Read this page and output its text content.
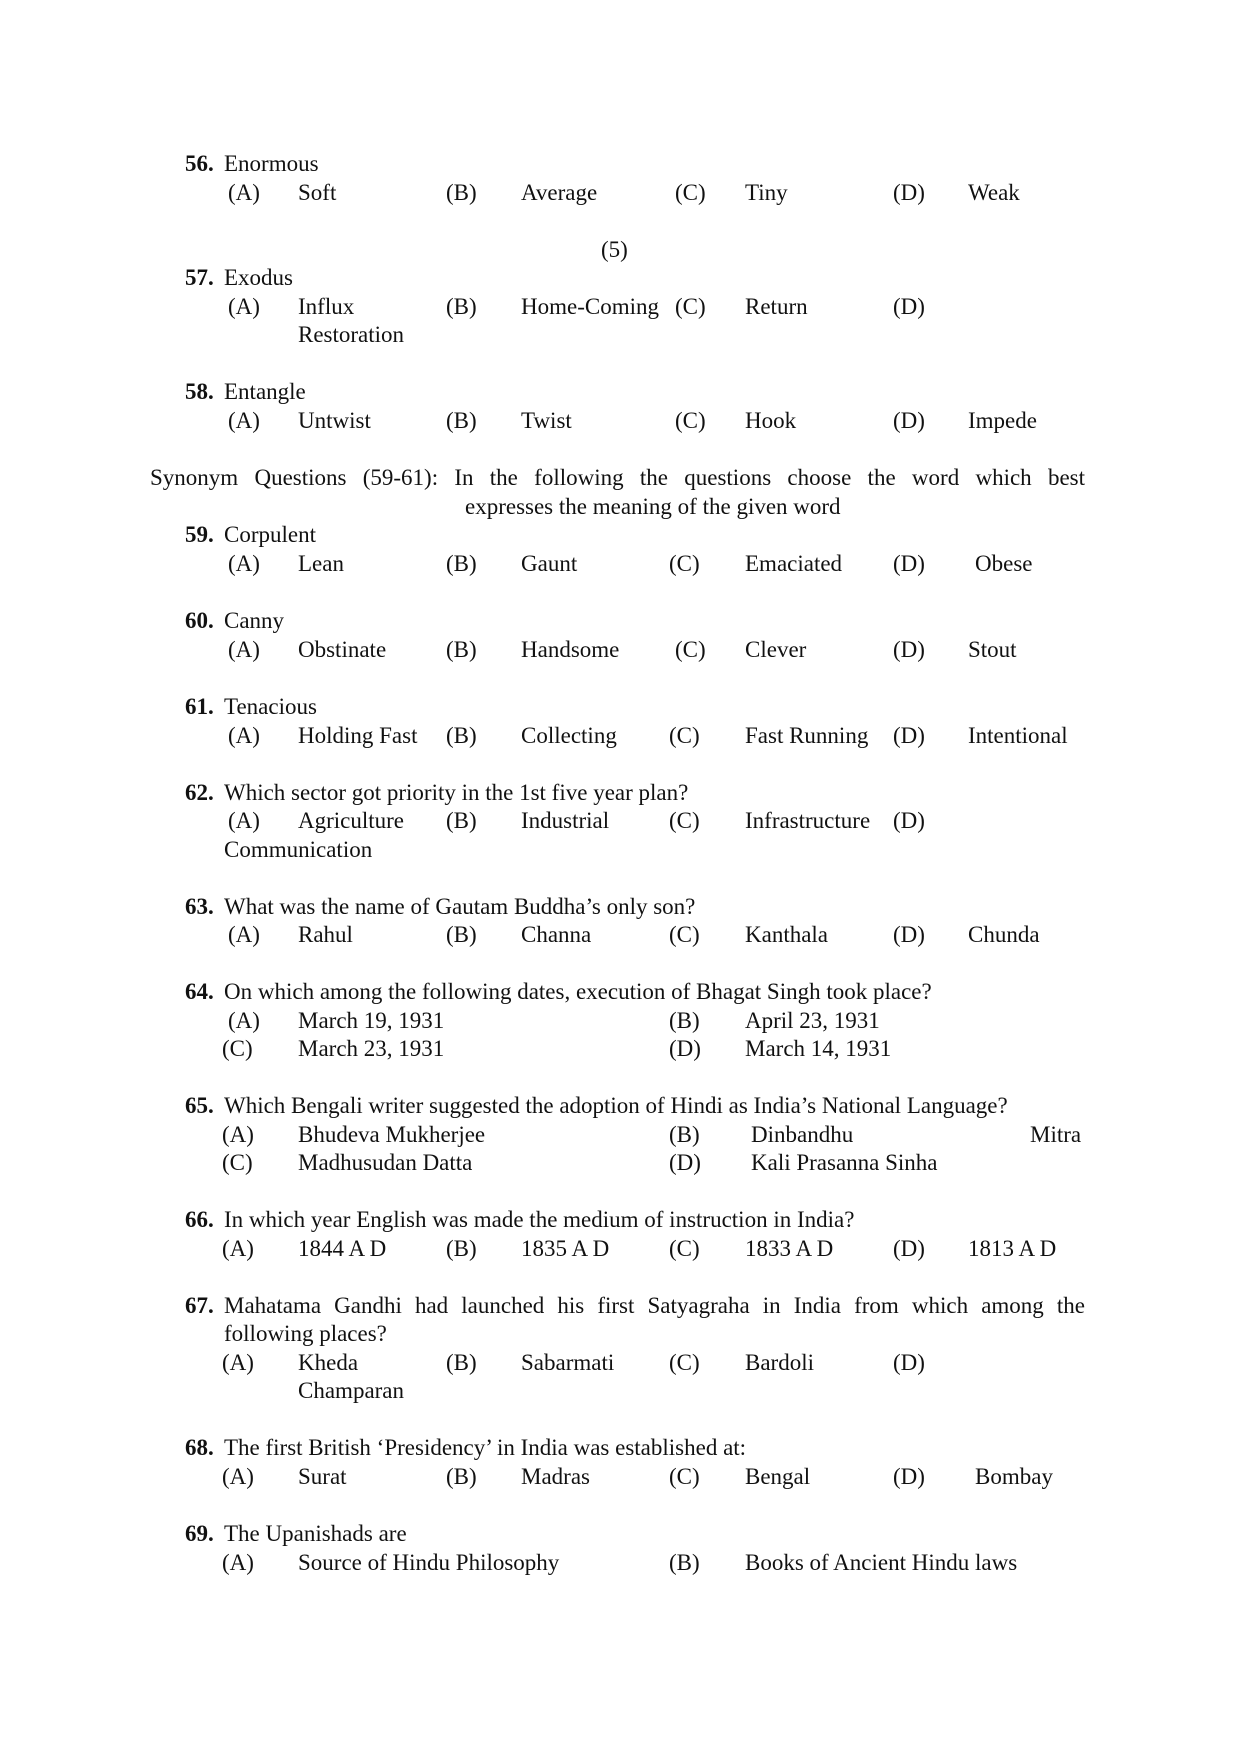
56. Enormous
(A) Soft	(B) Average	(C) Tiny	(D) Weak
(5)
57. Exodus
(A) Influx	(B) Home-Coming (C) Return	(D)
Restoration
58. Entangle
(A) Untwist	(B) Twist	(C) Hook	(D) Impede
Synonym Questions (59-61): In the following the questions choose the word which best
expresses the meaning of the given word
59. Corpulent
(A) Lean	(B) Gaunt	(C) Emaciated (D) Obese
60. Canny
(A) Obstinate	(B) Handsome (C) Clever	(D) Stout
61. Tenacious
(A) Holding Fast (B) Collecting (C) Fast Running (D) Intentional
62. Which sector got priority in the 1st five year plan?
(A) Agriculture (B) Industrial	(C) Infrastructure (D)
Communication
63. What was the name of Gautam Buddha’s only son?
(A) Rahul	(B) Channa	(C) Kanthala	(D) Chunda
64. On which among the following dates, execution of Bhagat Singh took place?
(A) March 19, 1931	(B) April 23, 1931
(C) March 23, 1931	(D) March 14, 1931
65. Which Bengali writer suggested the adoption of Hindi as India’s National Language?
(A) Bhudeva Mukherjee	(B) Dinbandhu	Mitra
(C) Madhusudan Datta	(D) Kali Prasanna Sinha
66. In which year English was made the medium of instruction in India?
(A) 1844 A D	(B) 1835 A D	(C) 1833 A D	(D) 1813 A D
67. Mahatama Gandhi had launched his first Satyagraha in India from which among the
following places?
(A) Kheda	(B) Sabarmati (C) Bardoli	(D)
Champaran
68. The first British ‘Presidency’ in India was established at:
(A) Surat	(B) Madras	(C) Bengal	(D) Bombay
69. The Upanishads are
(A) Source of Hindu Philosophy	(B) Books of Ancient Hindu laws
